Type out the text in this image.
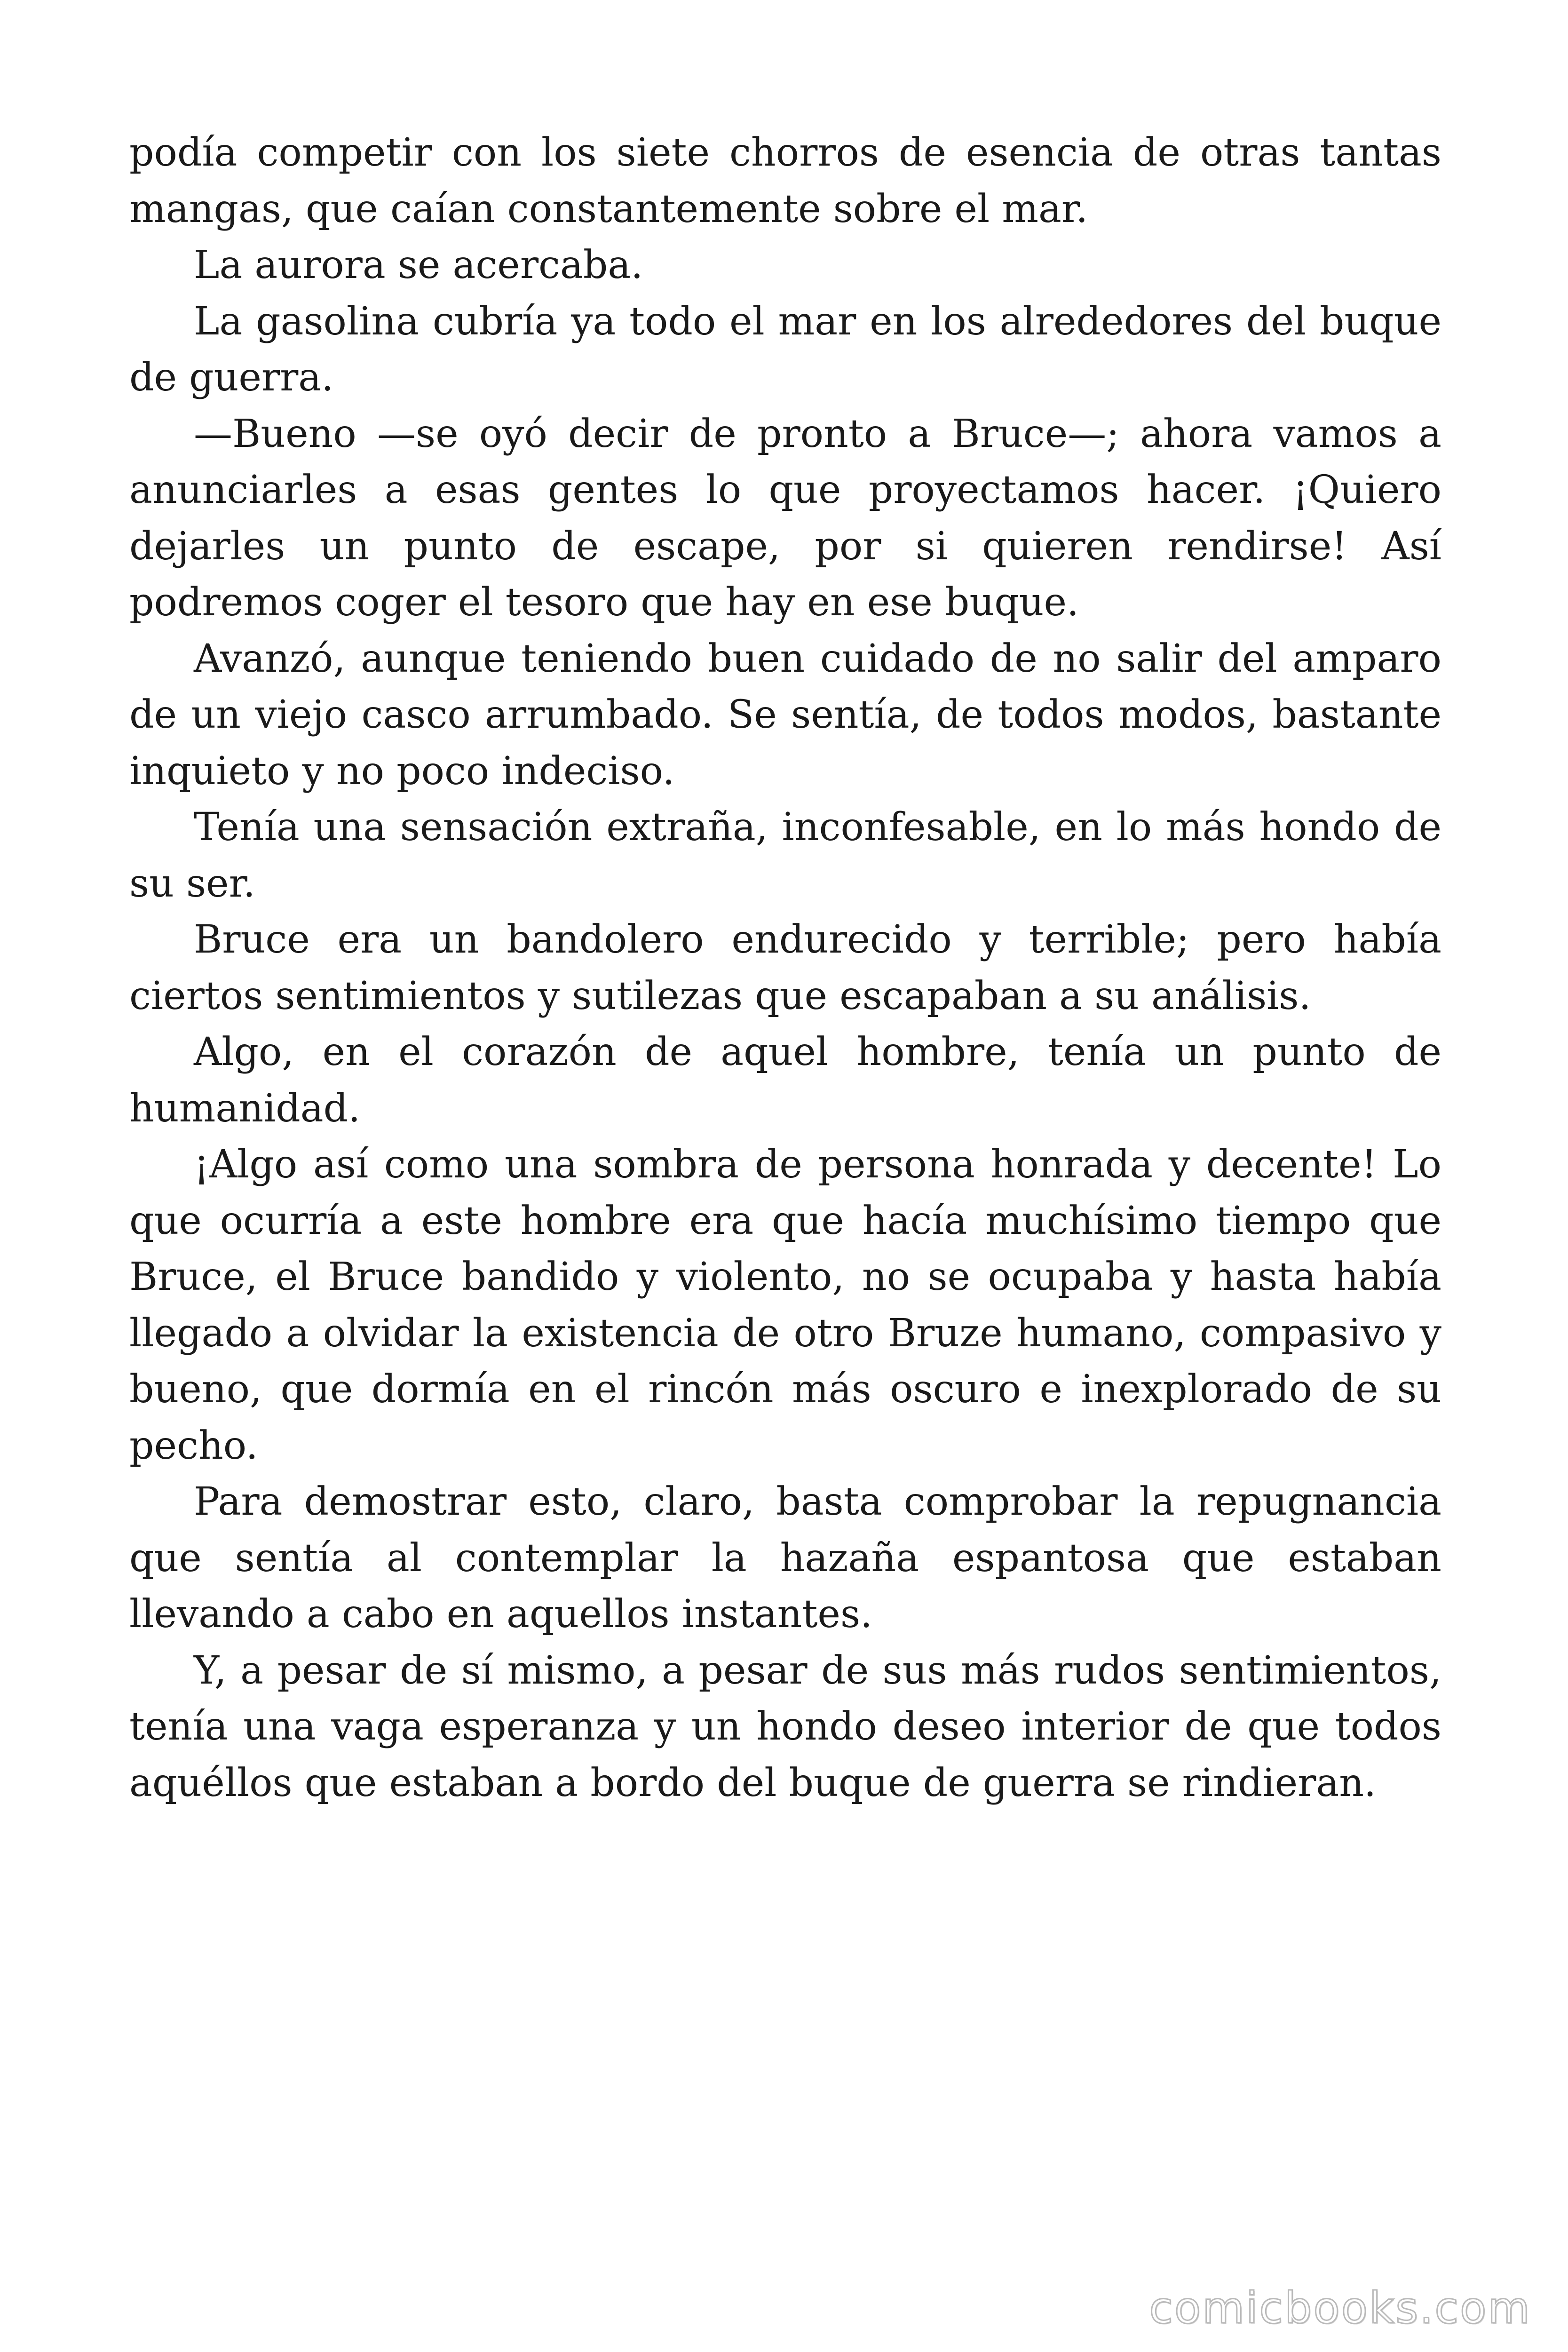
podía competir con los siete chorros de esencia de otras tantas mangas, que caían constantemente sobre el mar.

La aurora se acercaba.

La gasolina cubría ya todo el mar en los alrededores del buque de guerra.

—Bueno —se oyó decir de pronto a Bruce—; ahora vamos a anunciarles a esas gentes lo que proyectamos hacer. ¡Quiero dejarles un punto de escape, por si quieren rendirse! Así podremos coger el tesoro que hay en ese buque.

Avanzó, aunque teniendo buen cuidado de no salir del amparo de un viejo casco arrumbado. Se sentía, de todos modos, bastante inquieto y no poco indeciso.

Tenía una sensación extraña, inconfesable, en lo más hondo de su ser.

Bruce era un bandolero endurecido y terrible; pero había ciertos sentimientos y sutilezas que escapaban a su análisis.

Algo, en el corazón de aquel hombre, tenía un punto de humanidad.

¡Algo así como una sombra de persona honrada y decente! Lo que ocurría a este hombre era que hacía muchísimo tiempo que Bruce, el Bruce bandido y violento, no se ocupaba y hasta había llegado a olvidar la existencia de otro Bruze humano, compasivo y bueno, que dormía en el rincón más oscuro e inexplorado de su pecho.

Para demostrar esto, claro, basta comprobar la repugnancia que sentía al contemplar la hazaña espantosa que estaban llevando a cabo en aquellos instantes.

Y, a pesar de sí mismo, a pesar de sus más rudos sentimientos, tenía una vaga esperanza y un hondo deseo interior de que todos aquéllos que estaban a bordo del buque de guerra se rindieran.

comicbooks.com
